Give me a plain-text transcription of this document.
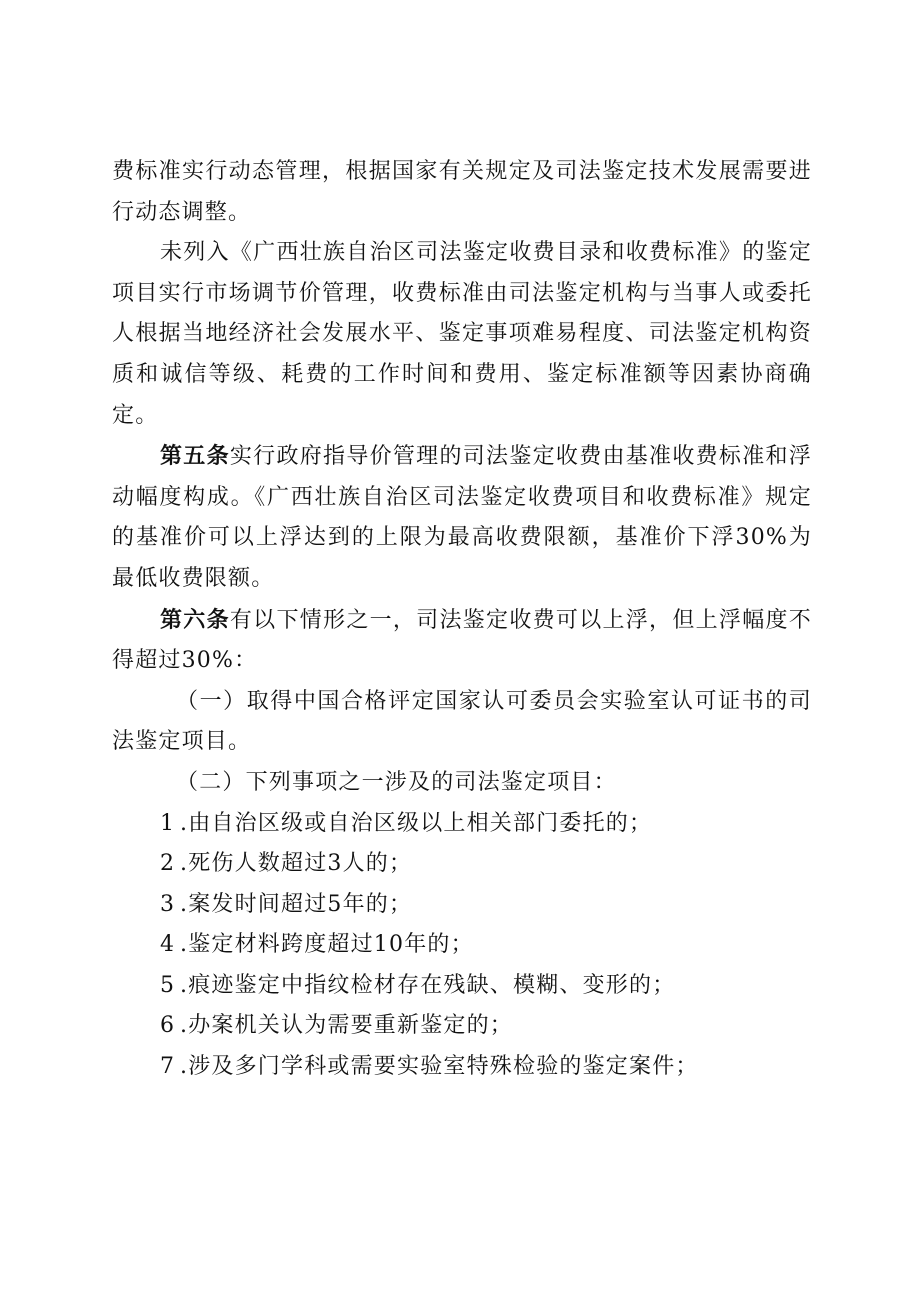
费标准实行动态管理，根据国家有关规定及司法鉴定技术发展需要进行动态调整。

未列入《广西壮族自治区司法鉴定收费目录和收费标准》的鉴定项目实行市场调节价管理，收费标准由司法鉴定机构与当事人或委托人根据当地经济社会发展水平、鉴定事项难易程度、司法鉴定机构资质和诚信等级、耗费的工作时间和费用、鉴定标准额等因素协商确定。

第五条实行政府指导价管理的司法鉴定收费由基准收费标准和浮动幅度构成。《广西壮族自治区司法鉴定收费项目和收费标准》规定的基准价可以上浮达到的上限为最高收费限额，基准价下浮30%为最低收费限额。

第六条有以下情形之一，司法鉴定收费可以上浮，但上浮幅度不得超过30%：

（一）取得中国合格评定国家认可委员会实验室认可证书的司法鉴定项目。

（二）下列事项之一涉及的司法鉴定项目：

1 .由自治区级或自治区级以上相关部门委托的；

2 .死伤人数超过3人的；

3 .案发时间超过5年的；

4 .鉴定材料跨度超过10年的；

5 .痕迹鉴定中指纹检材存在残缺、模糊、变形的；

6 .办案机关认为需要重新鉴定的；

7 .涉及多门学科或需要实验室特殊检验的鉴定案件；
